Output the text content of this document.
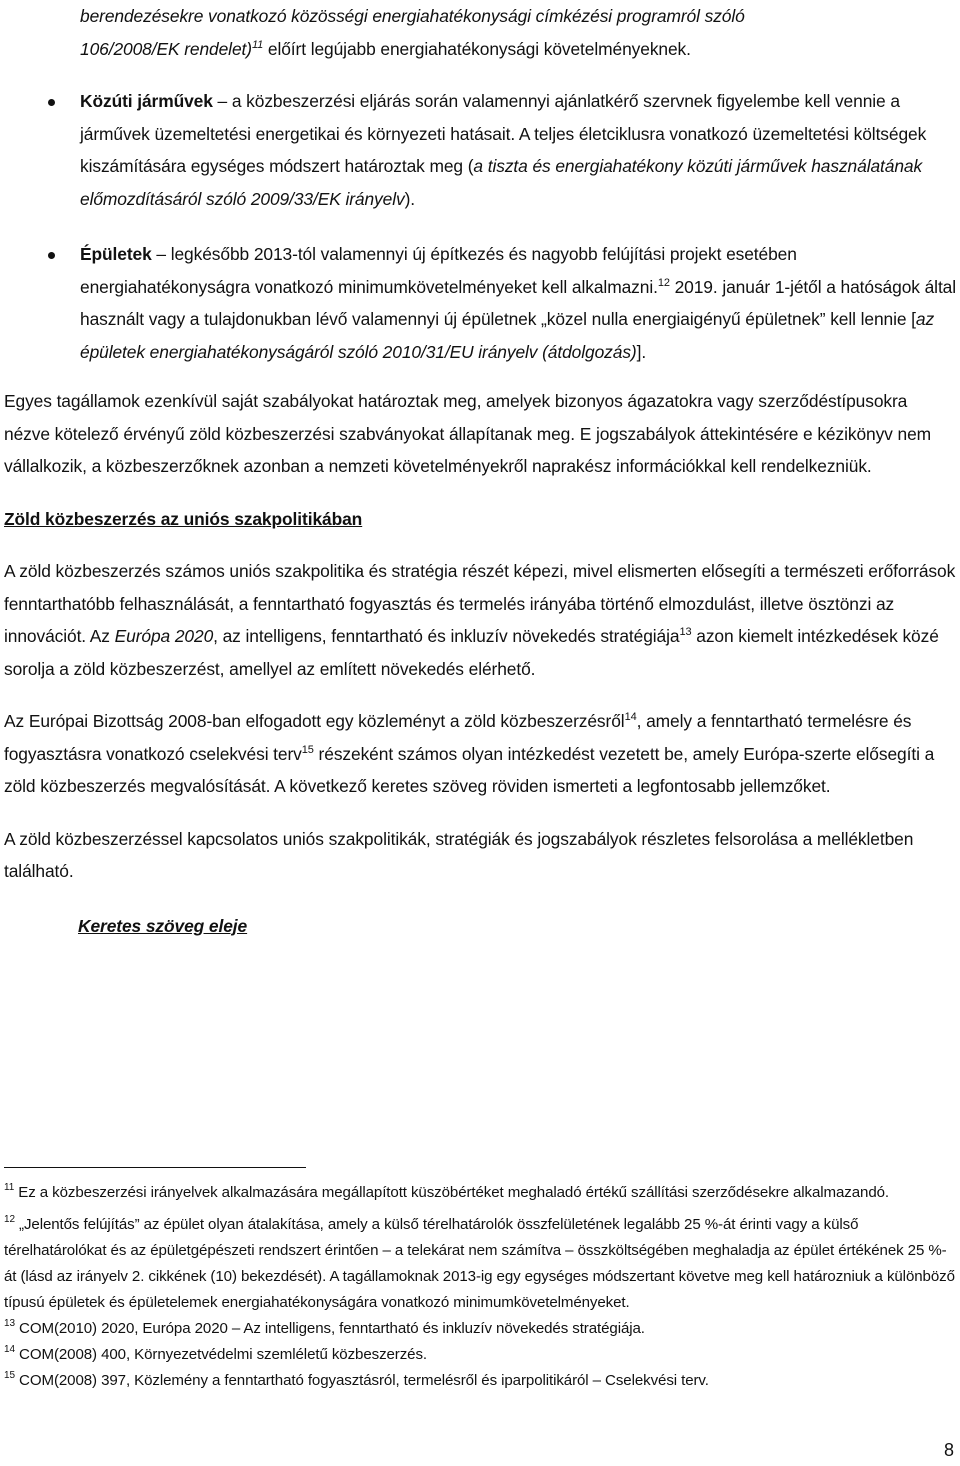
berendezésekre vonatkozó közösségi energiahatékonysági címkézési programról szóló
106/2008/EK rendelet)$^{11}$ előírt legújabb energiahatékonysági követelményeknek.

Közúti járművek – a közbeszerzési eljárás során valamennyi ajánlatkérő szervnek figyelembe kell vennie a járművek üzemeltetési energetikai és környezeti hatásait. A teljes életciklusra vonatkozó üzemeltetési költségek kiszámítására egységes módszert határoztak meg (a tiszta és energiahatékony közúti járművek használatának előmozdításáról szóló 2009/33/EK irányelv).
Épületek – legkésőbb 2013-tól valamennyi új építkezés és nagyobb felújítási projekt esetében energiahatékonyságra vonatkozó minimumkövetelményeket kell alkalmazni.$^{12}$ 2019. január 1-jétől a hatóságok által használt vagy a tulajdonukban lévő valamennyi új épületnek „közel nulla energiaigényű épületnek” kell lennie [az épületek energiahatékonyságáról szóló 2010/31/EU irányelv (átdolgozás)].

Egyes tagállamok ezenkívül saját szabályokat határoztak meg, amelyek bizonyos ágazatokra vagy szerződéstípusokra nézve kötelező érvényű zöld közbeszerzési szabványokat állapítanak meg. E jogszabályok áttekintésére e kézikönyv nem vállalkozik, a közbeszerzőknek azonban a nemzeti követelményekről naprakész információkkal kell rendelkezniük.

Zöld közbeszerzés az uniós szakpolitikában

A zöld közbeszerzés számos uniós szakpolitika és stratégia részét képezi, mivel elismerten elősegíti a természeti erőforrások fenntarthatóbb felhasználását, a fenntartható fogyasztás és termelés irányába történő elmozdulást, illetve ösztönzi az innovációt. Az Európa 2020, az intelligens, fenntartható és inkluzív növekedés stratégiája$^{13}$ azon kiemelt intézkedések közé sorolja a zöld közbeszerzést, amellyel az említett növekedés elérhető.

Az Európai Bizottság 2008-ban elfogadott egy közleményt a zöld közbeszerzésről$^{14}$, amely a fenntartható termelésre és fogyasztásra vonatkozó cselekvési terv$^{15}$ részeként számos olyan intézkedést vezetett be, amely Európa-szerte elősegíti a zöld közbeszerzés megvalósítását. A következő keretes szöveg röviden ismerteti a legfontosabb jellemzőket.

A zöld közbeszerzéssel kapcsolatos uniós szakpolitikák, stratégiák és jogszabályok részletes felsorolása a mellékletben található.

Keretes szöveg eleje

$^{11}$ Ez a közbeszerzési irányelvek alkalmazására megállapított küszöbértéket meghaladó értékű szállítási szerződésekre alkalmazandó.

$^{12}$ „Jelentős felújítás” az épület olyan átalakítása, amely a külső térelhatárolók összfelületének legalább 25 %-át érinti vagy a külső térelhatárolókat és az épületgépészeti rendszert érintően – a telekárat nem számítva – összköltségében meghaladja az épület értékének 25 %-át (lásd az irányelv 2. cikkének (10) bekezdését). A tagállamoknak 2013-ig egy egységes módszertant követve meg kell határozniuk a különböző típusú épületek és épületelemek energiahatékonyságára vonatkozó minimumkövetelményeket.

$^{13}$ COM(2010) 2020, Európa 2020 – Az intelligens, fenntartható és inkluzív növekedés stratégiája.

$^{14}$ COM(2008) 400, Környezetvédelmi szemléletű közbeszerzés.

$^{15}$ COM(2008) 397, Közlemény a fenntartható fogyasztásról, termelésről és iparpolitikáról – Cselekvési terv.

8
